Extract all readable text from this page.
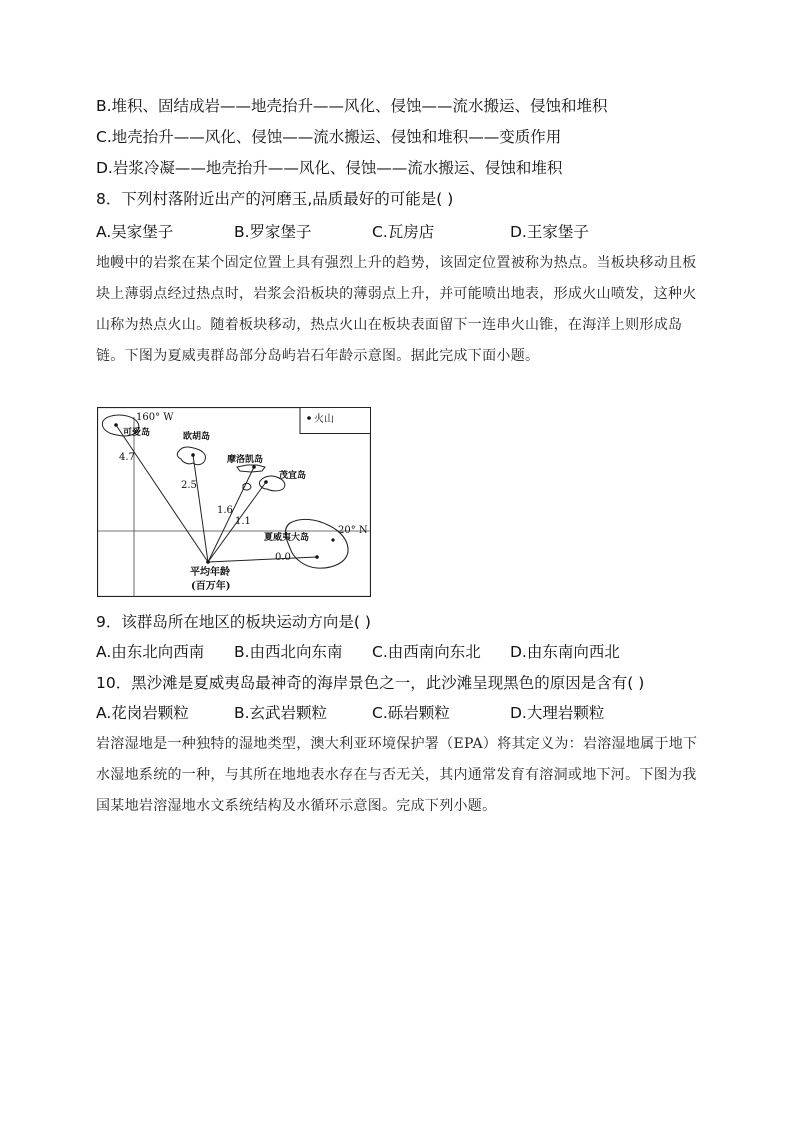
B.堆积、固结成岩——地壳抬升——风化、侵蚀——流水搬运、侵蚀和堆积
C.地壳抬升——风化、侵蚀——流水搬运、侵蚀和堆积——变质作用
D.岩浆冷凝——地壳抬升——风化、侵蚀——流水搬运、侵蚀和堆积
8．下列村落附近出产的河磨玉,品质最好的可能是( )
A.吴家堡子	B.罗家堡子	C.瓦房店	D.王家堡子
地幔中的岩浆在某个固定位置上具有强烈上升的趋势，该固定位置被称为热点。当板块移动且板块上薄弱点经过热点时，岩浆会沿板块的薄弱点上升，并可能喷出地表，形成火山喷发，这种火山称为热点火山。随着板块移动，热点火山在板块表面留下一连串火山锥，在海洋上则形成岛链。下图为夏威夷群岛部分岛屿岩石年龄示意图。据此完成下面小题。
火山
160° W
20° N
可爱岛	欧胡岛
摩洛凯岛
茂宜岛
夏威夷大岛
4.7
2.5
1.6
1.1
0.0
平均年龄
(百万年)
9．该群岛所在地区的板块运动方向是( )
A.由东北向西南 B.由西北向东南 C.由西南向东北 D.由东南向西北
10．黑沙滩是夏威夷岛最神奇的海岸景色之一，此沙滩呈现黑色的原因是含有( )
A.花岗岩颗粒	B.玄武岩颗粒	C.砾岩颗粒	D.大理岩颗粒
岩溶湿地是一种独特的湿地类型，澳大利亚环境保护署（EPA）将其定义为：岩溶湿地属于地下水湿地系统的一种，与其所在地地表水存在与否无关，其内通常发育有溶洞或地下河。下图为我国某地岩溶湿地水文系统结构及水循环示意图。完成下列小题。
